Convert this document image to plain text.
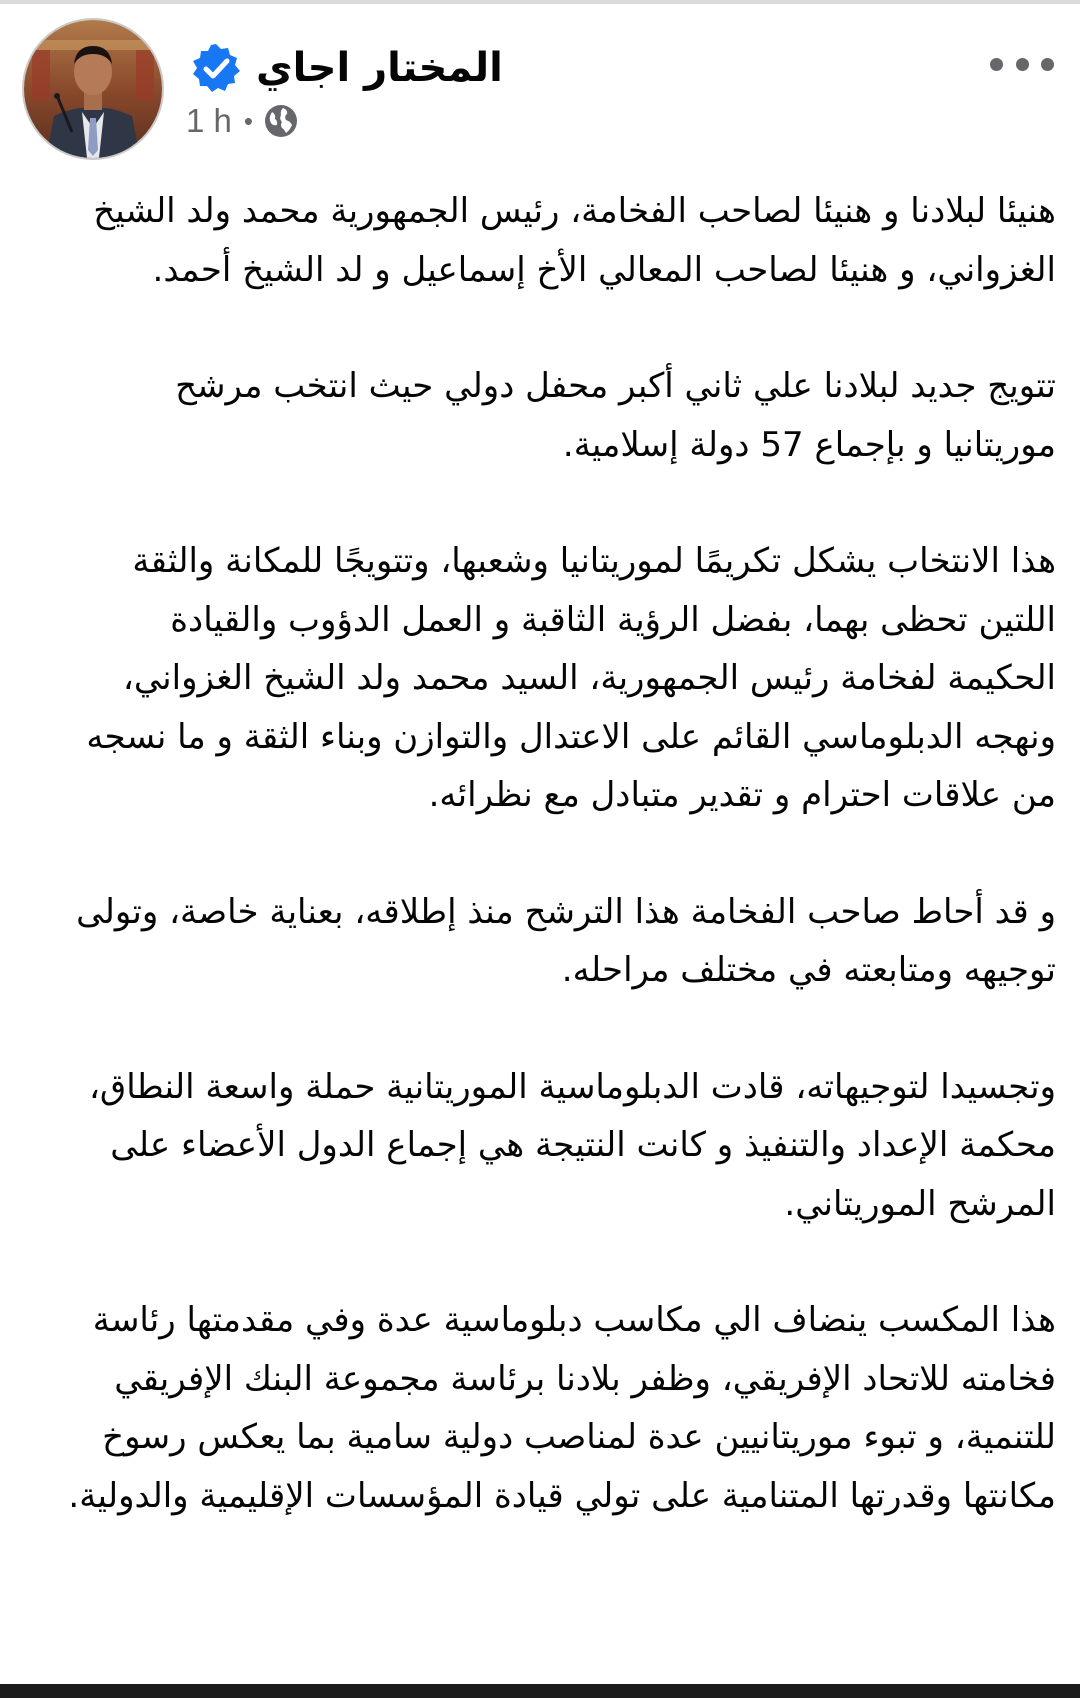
المختار اجاي
1 h •

هنيئا لبلادنا و هنيئا لصاحب الفخامة، رئيس الجمهورية محمد ولد الشيخ الغزواني، و هنيئا لصاحب المعالي الأخ إسماعيل و لد الشيخ أحمد.

تتويج جديد لبلادنا علي ثاني أكبر محفل دولي حيث انتخب مرشح موريتانيا و بإجماع 57 دولة إسلامية.

هذا الانتخاب يشكل تكريمًا لموريتانيا وشعبها، وتتويجًا للمكانة والثقة اللتين تحظى بهما، بفضل الرؤية الثاقبة و العمل الدؤوب والقيادة الحكيمة لفخامة رئيس الجمهورية، السيد محمد ولد الشيخ الغزواني، ونهجه الدبلوماسي القائم على الاعتدال والتوازن وبناء الثقة و ما نسجه من علاقات احترام و تقدير متبادل مع نظرائه.

و قد أحاط صاحب الفخامة هذا الترشح منذ إطلاقه، بعناية خاصة، وتولى توجيهه ومتابعته في مختلف مراحله.

وتجسيدا لتوجيهاته، قادت الدبلوماسية الموريتانية حملة واسعة النطاق، محكمة الإعداد والتنفيذ و كانت النتيجة هي إجماع الدول الأعضاء على المرشح الموريتاني.

هذا المكسب ينضاف الي مكاسب دبلوماسية عدة وفي مقدمتها رئاسة فخامته للاتحاد الإفريقي، وظفر بلادنا برئاسة مجموعة البنك الإفريقي للتنمية، و تبوء موريتانيين عدة لمناصب دولية سامية بما يعكس رسوخ مكانتها وقدرتها المتنامية على تولي قيادة المؤسسات الإقليمية والدولية.
